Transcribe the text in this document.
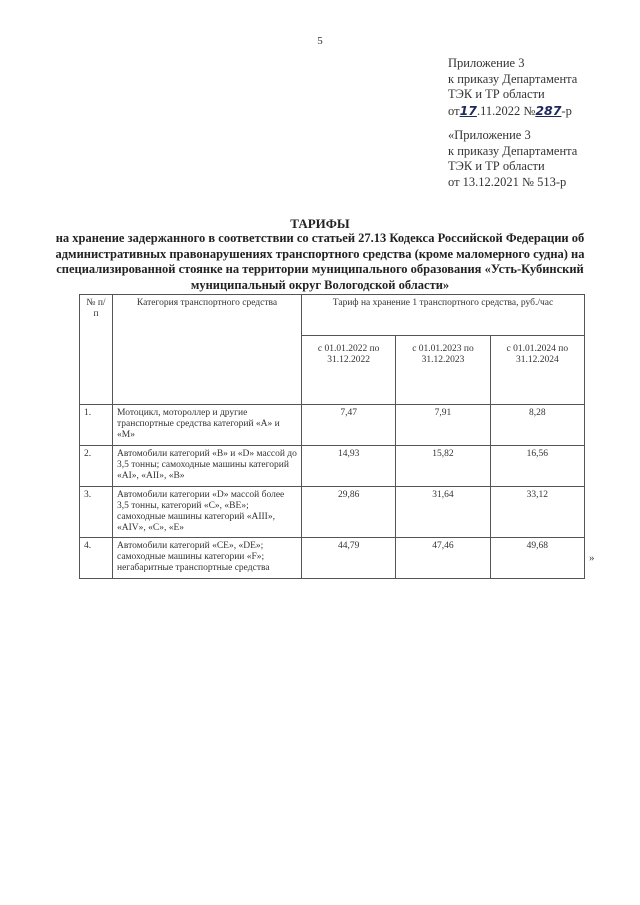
5
Приложение 3
к приказу Департамента
ТЭК и ТР области
от17.11.2022 №287-р
«Приложение 3
к приказу Департамента
ТЭК и ТР области
от 13.12.2021 № 513-р
ТАРИФЫ
на хранение задержанного в соответствии со статьей 27.13 Кодекса Российской Федерации об административных правонарушениях транспортного средства (кроме маломерного судна) на специализированной стоянке на территории муниципального образования «Усть-Кубинский муниципальный округ Вологодской области»
№ п/п	Категория транспортного средства	Тариф на хранение 1 транспортного средства, руб./час		
		с 01.01.2022 по 31.12.2022	с 01.01.2023 по 31.12.2023	с 01.01.2024 по 31.12.2024
1.	Мотоцикл, мотороллер и другие транспортные средства категорий «А» и «М»	7,47	7,91	8,28
2.	Автомобили категорий «В» и «D» массой до 3,5 тонны; самоходные машины категорий «AI», «AII», «В»	14,93	15,82	16,56
3.	Автомобили категории «D» массой более 3,5 тонны, категорий «С», «ВЕ»; самоходные машины категорий «AIII», «AIV», «С», «Е»	29,86	31,64	33,12
4.	Автомобили категорий «СЕ», «DE»; самоходные машины категории «F»; негабаритные транспортные средства	44,79	47,46	49,68
»
